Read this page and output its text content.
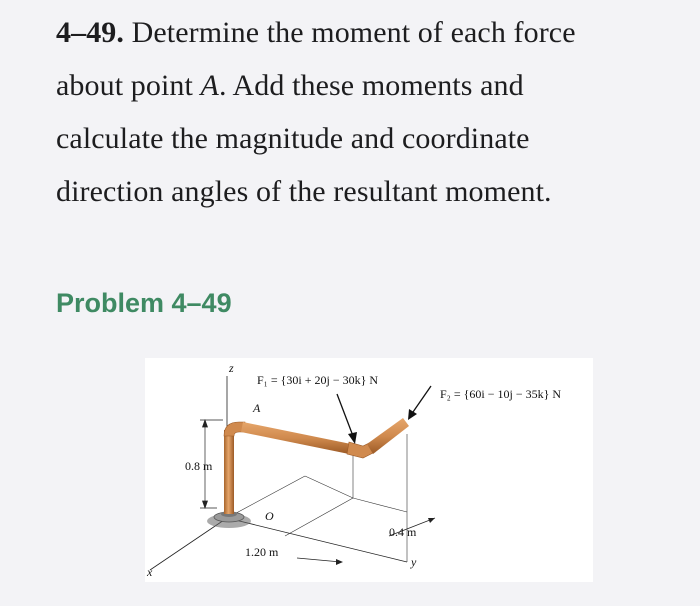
4–49. Determine the moment of each force
about point A. Add these moments and
calculate the magnitude and coordinate
direction angles of the resultant moment.
Problem 4–49
0.8 m
z
x
y
A
O
F₁ = {30i + 20j − 30k} N
F₂ = {60i − 10j − 35k} N
1.20 m
0.4 m
